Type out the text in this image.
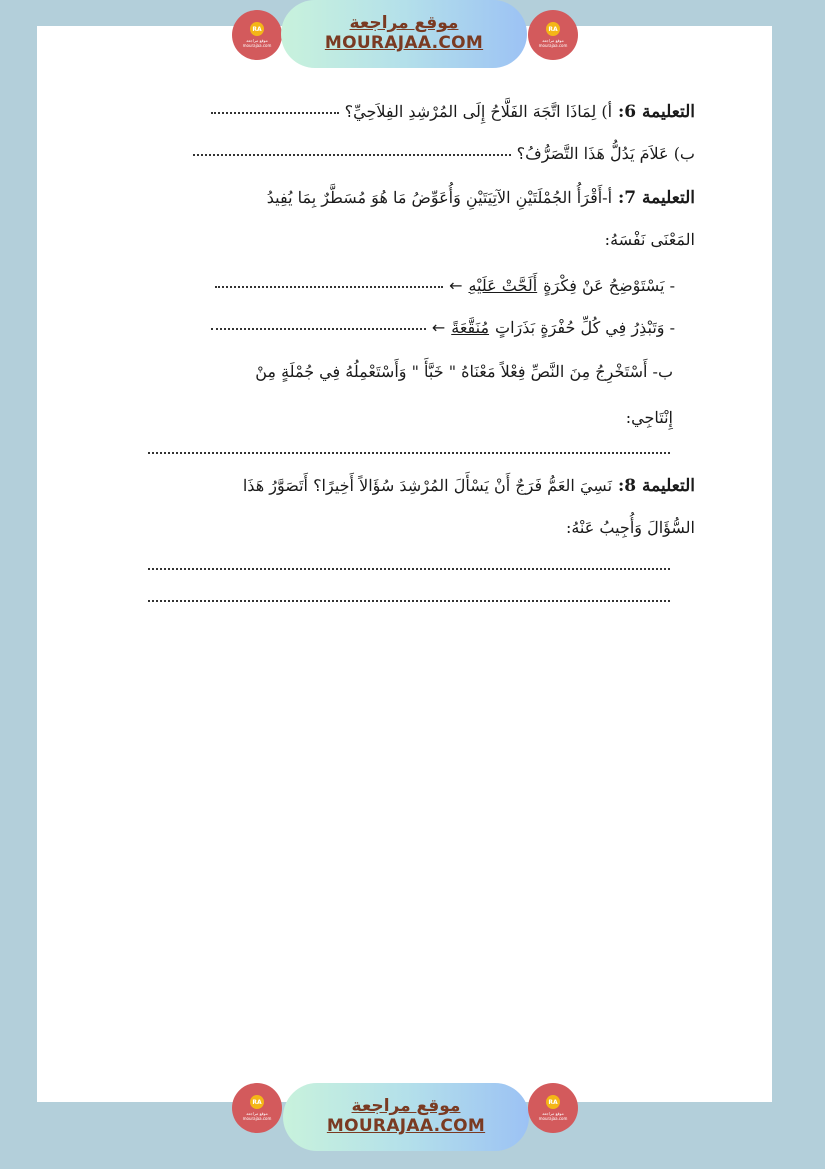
RA
موقع مراجعة
mourajaa.com
موقع مراجعة
MOURAJAA.COM
RA
موقع مراجعة
mourajaa.com
التعليمة 6:
أ) لِمَاذَا اتَّجَهَ الفَلَّاحُ إِلَى المُرْشِدِ الفِلاَحِيِّ؟
ب) عَلاَمَ يَدُلُّ هَذَا التَّصَرُّفُ؟
التعليمة 7:
أ-أَقْرَأُ الجُمْلَتَيْنِ الآتِيَتَيْنِ وَأُعَوِّضُ مَا هُوَ مُسَطَّرٌ بِمَا يُفِيدُ
المَعْنَى نَفْسَهُ:
- يَسْتَوْضِحُ عَنْ فِكْرَةٍ
أَلَحَّتْ عَلَيْهِ
←
- وَتَبْذِرُ فِي كُلِّ حُفْرَةٍ بَذَرَاتٍ
مُنَقَّعَةً
←
ب- أَسْتَخْرِجُ مِنَ النَّصِّ فِعْلاً مَعْنَاهُ " خَبَّأَ " وَأَسْتَعْمِلُهُ فِي جُمْلَةٍ مِنْ
إِنْتَاجِي:
التعليمة 8:
نَسِيَ العَمُّ فَرَجٌ أَنْ يَسْأَلَ المُرْشِدَ سُؤَالاً أَخِيرًا؟ أَتَصَوَّرُ هَذَا
السُّؤَالَ وَأُجِيبُ عَنْهُ:
RA
موقع مراجعة
mourajaa.com
موقع مراجعة
MOURAJAA.COM
RA
موقع مراجعة
mourajaa.com
